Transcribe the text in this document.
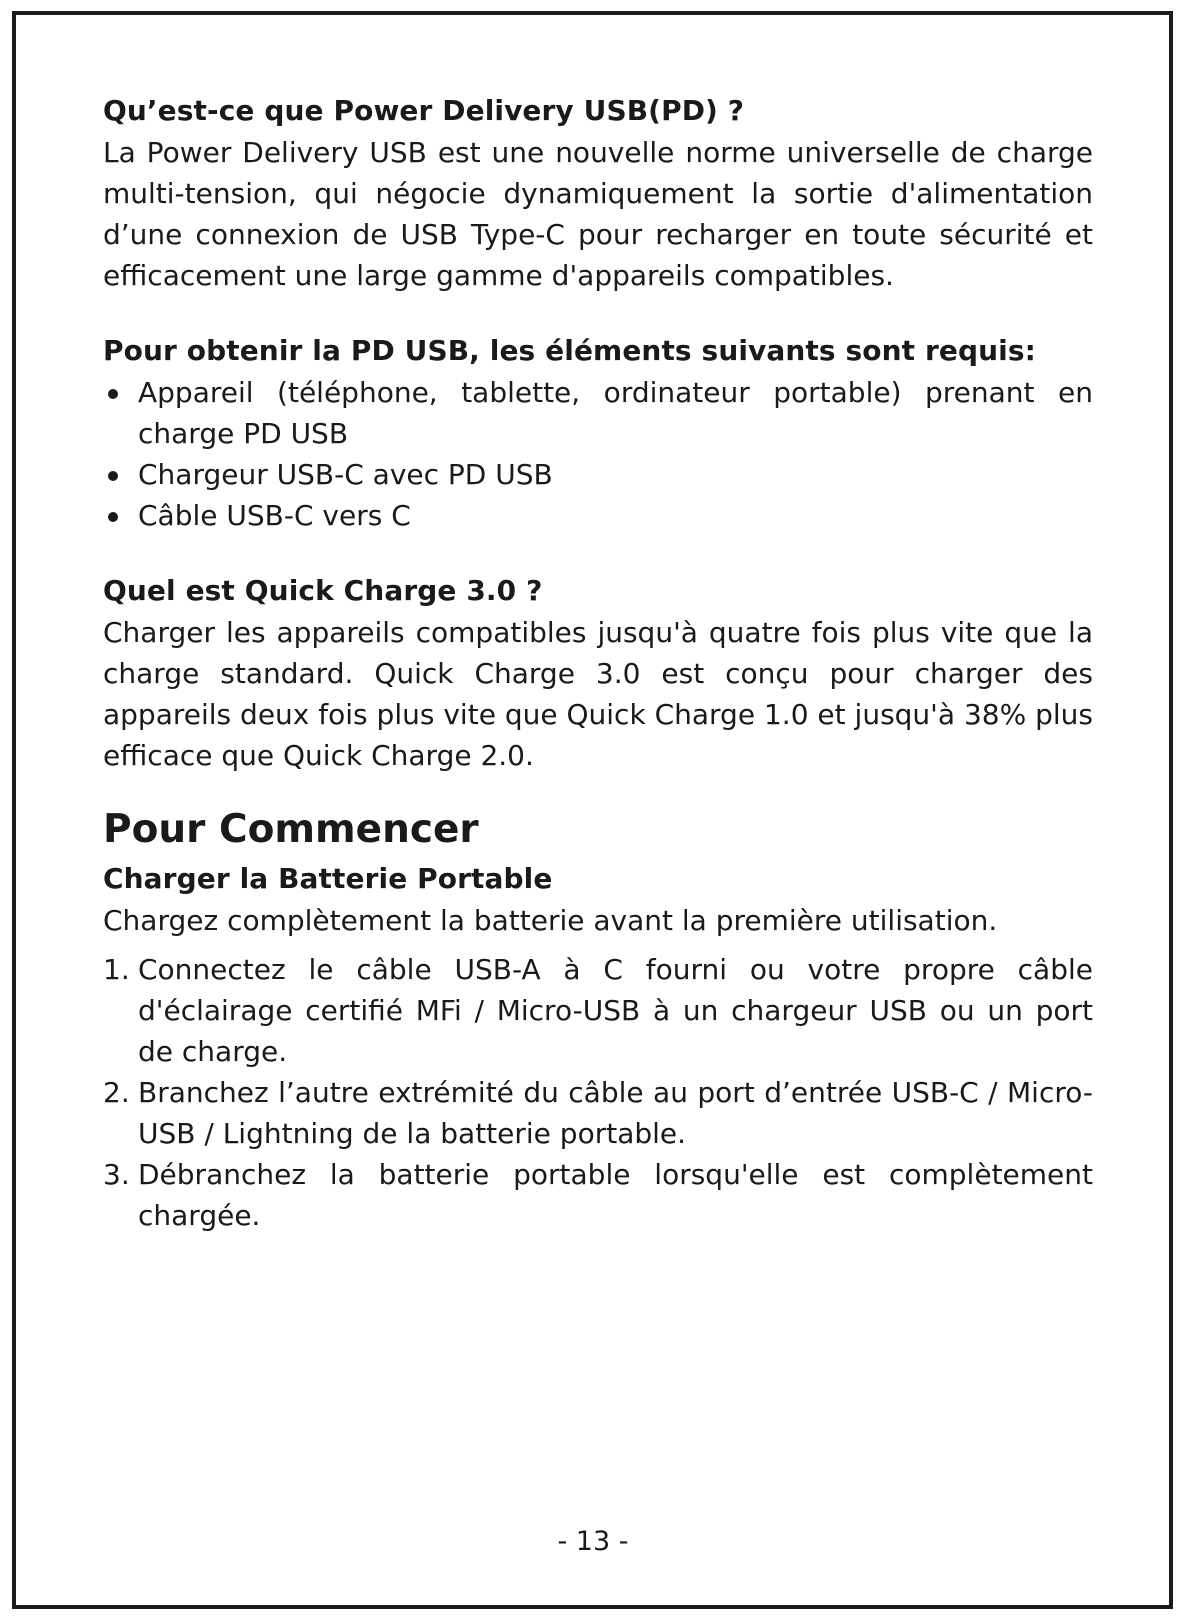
Qu’est-ce que Power Delivery USB(PD) ?

La Power Delivery USB est une nouvelle norme universelle de charge multi-tension, qui négocie dynamiquement la sortie d'alimentation d’une connexion de USB Type-C pour recharger en toute sécurité et efficacement une large gamme d'appareils compatibles.

Pour obtenir la PD USB, les éléments suivants sont requis:
Appareil (téléphone, tablette, ordinateur portable) prenant en charge PD USB
Chargeur USB-C avec PD USB
Câble USB-C vers C
Quel est Quick Charge 3.0 ?

Charger les appareils compatibles jusqu'à quatre fois plus vite que la charge standard. Quick Charge 3.0 est conçu pour charger des appareils deux fois plus vite que Quick Charge 1.0 et jusqu'à 38% plus efficace que Quick Charge 2.0.

Pour Commencer
Charger la Batterie Portable

Chargez complètement la batterie avant la première utilisation.

1. Connectez le câble USB-A à C fourni ou votre propre câble d'éclairage certifié MFi / Micro-USB à un chargeur USB ou un port de charge.
2. Branchez l’autre extrémité du câble au port d’entrée USB-C / Micro-USB / Lightning de la batterie portable.
3. Débranchez la batterie portable lorsqu'elle est complètement chargée.
- 13 -
